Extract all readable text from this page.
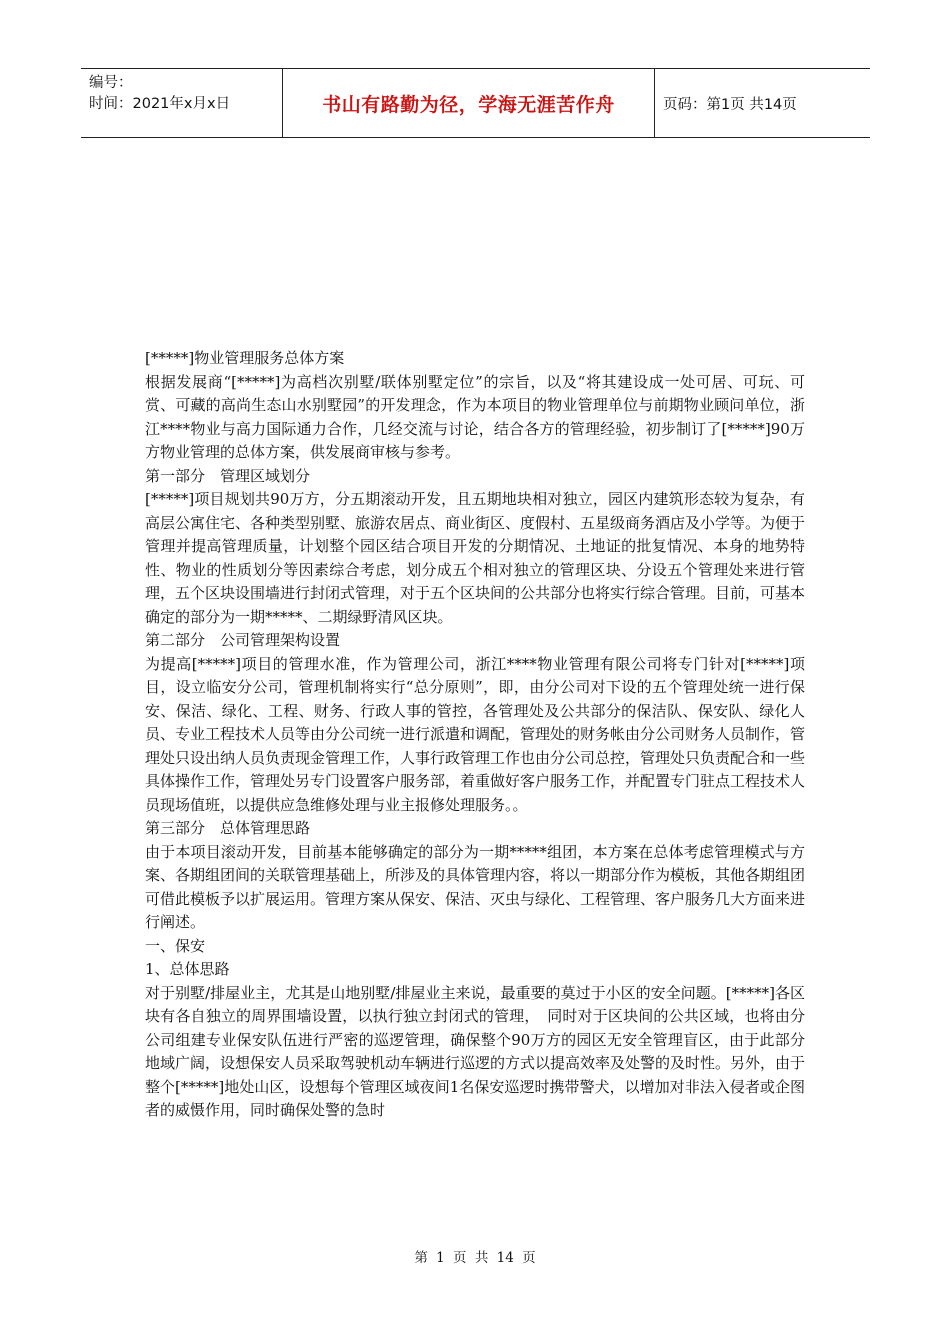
编号：
时间：2021年x月x日	书山有路勤为径，学海无涯苦作舟	页码：第1页 共14页

[*****]物业管理服务总体方案

根据发展商“[*****]为高档次别墅/联体别墅定位”的宗旨，以及“将其建设成一处可居、可玩、可赏、可藏的高尚生态山水别墅园”的开发理念，作为本项目的物业管理单位与前期物业顾问单位，浙江****物业与高力国际通力合作，几经交流与讨论，结合各方的管理经验，初步制订了[*****]90万方物业管理的总体方案，供发展商审核与参考。

第一部分　管理区域划分

[*****]项目规划共90万方，分五期滚动开发，且五期地块相对独立，园区内建筑形态较为复杂，有高层公寓住宅、各种类型别墅、旅游农居点、商业街区、度假村、五星级商务酒店及小学等。为便于管理并提高管理质量，计划整个园区结合项目开发的分期情况、土地证的批复情况、本身的地势特性、物业的性质划分等因素综合考虑，划分成五个相对独立的管理区块、分设五个管理处来进行管理，五个区块设围墙进行封闭式管理，对于五个区块间的公共部分也将实行综合管理。目前，可基本确定的部分为一期*****、二期绿野清风区块。

第二部分　公司管理架构设置

为提高[*****]项目的管理水准，作为管理公司，浙江****物业管理有限公司将专门针对[*****]项目，设立临安分公司，管理机制将实行“总分原则”，即，由分公司对下设的五个管理处统一进行保安、保洁、绿化、工程、财务、行政人事的管控，各管理处及公共部分的保洁队、保安队、绿化人员、专业工程技术人员等由分公司统一进行派遣和调配，管理处的财务帐由分公司财务人员制作，管理处只设出纳人员负责现金管理工作，人事行政管理工作也由分公司总控，管理处只负责配合和一些具体操作工作，管理处另专门设置客户服务部，着重做好客户服务工作，并配置专门驻点工程技术人员现场值班，以提供应急维修处理与业主报修处理服务。。

第三部分　总体管理思路

由于本项目滚动开发，目前基本能够确定的部分为一期*****组团，本方案在总体考虑管理模式与方案、各期组团间的关联管理基础上，所涉及的具体管理内容，将以一期部分作为模板，其他各期组团可借此模板予以扩展运用。管理方案从保安、保洁、灭虫与绿化、工程管理、客户服务几大方面来进行阐述。

一、保安

1、总体思路

对于别墅/排屋业主，尤其是山地别墅/排屋业主来说，最重要的莫过于小区的安全问题。[*****]各区块有各自独立的周界围墙设置，以执行独立封闭式的管理，　同时对于区块间的公共区域，也将由分公司组建专业保安队伍进行严密的巡逻管理，确保整个90万方的园区无安全管理盲区，由于此部分地域广阔，设想保安人员采取驾驶机动车辆进行巡逻的方式以提高效率及处警的及时性。另外，由于整个[*****]地处山区，设想每个管理区域夜间1名保安巡逻时携带警犬，以增加对非法入侵者或企图者的威慑作用，同时确保处警的急时

第 1 页 共 14 页
